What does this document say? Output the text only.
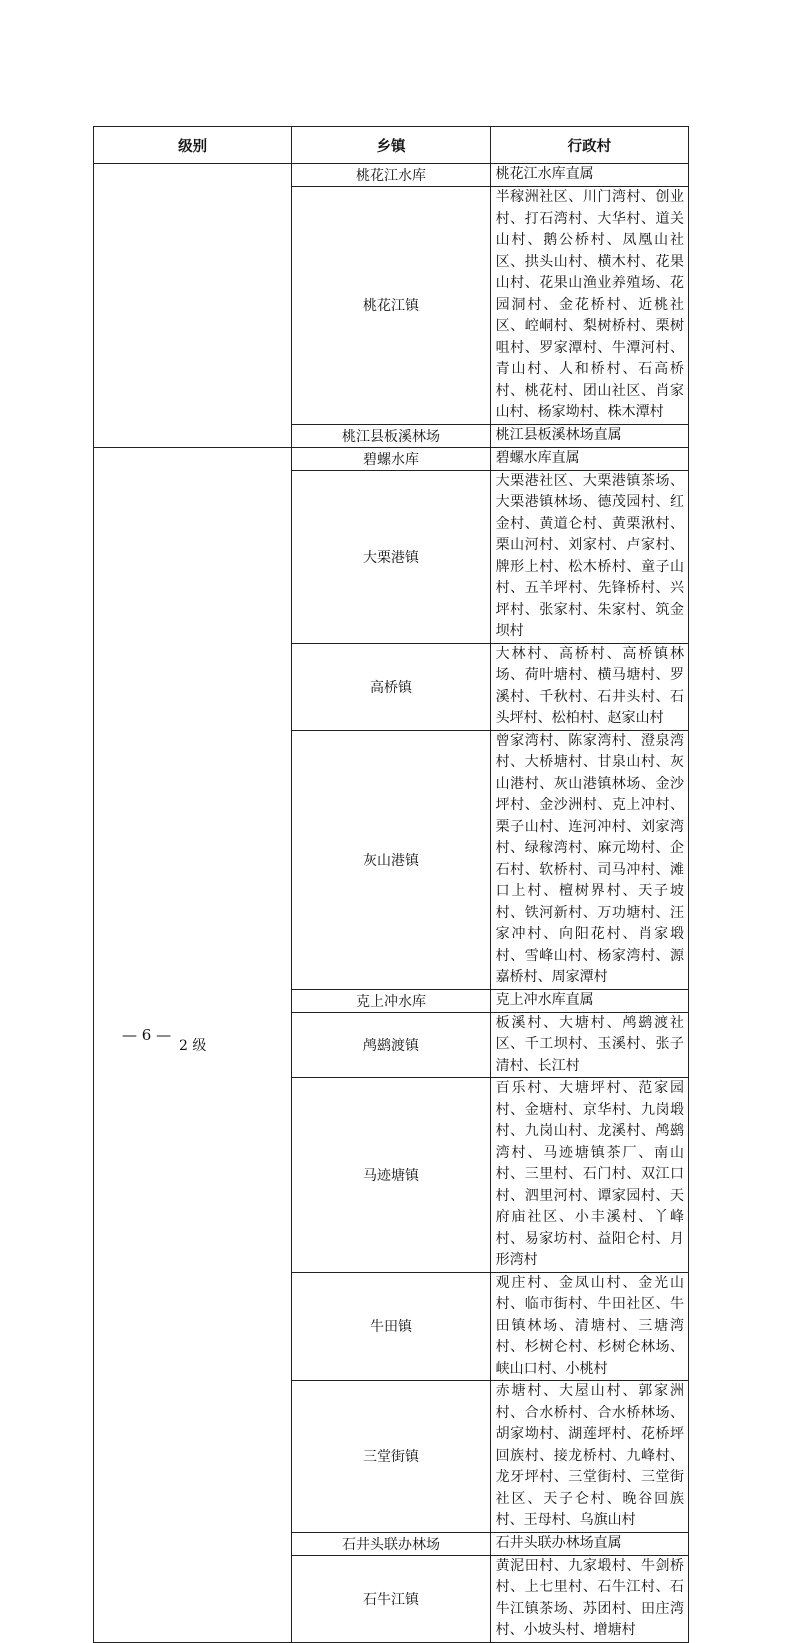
级别	乡镇	行政村
	桃花江水库	桃花江水库直属
	桃花江镇	半稼洲社区、川门湾村、创业村、打石湾村、大华村、道关山村、鹅公桥村、凤凰山社区、拱头山村、横木村、花果山村、花果山渔业养殖场、花园洞村、金花桥村、近桃社区、崆峒村、梨树桥村、栗树咀村、罗家潭村、牛潭河村、青山村、人和桥村、石高桥村、桃花村、团山社区、肖家山村、杨家坳村、株木潭村
	桃江县板溪林场	桃江县板溪林场直属
2 级	碧螺水库	碧螺水库直属
	大栗港镇	大栗港社区、大栗港镇茶场、大栗港镇林场、德茂园村、红金村、黄道仑村、黄栗湫村、栗山河村、刘家村、卢家村、牌形上村、松木桥村、童子山村、五羊坪村、先锋桥村、兴坪村、张家村、朱家村、筑金坝村
	高桥镇	大林村、高桥村、高桥镇林场、荷叶塘村、横马塘村、罗溪村、千秋村、石井头村、石头坪村、松柏村、赵家山村
	灰山港镇	曾家湾村、陈家湾村、澄泉湾村、大桥塘村、甘泉山村、灰山港村、灰山港镇林场、金沙坪村、金沙洲村、克上冲村、栗子山村、连河冲村、刘家湾村、绿稼湾村、麻元坳村、企石村、软桥村、司马冲村、滩口上村、檀树界村、天子坡村、铁河新村、万功塘村、汪家冲村、向阳花村、肖家塅村、雪峰山村、杨家湾村、源嘉桥村、周家潭村
	克上冲水库	克上冲水库直属
	鸬鹚渡镇	板溪村、大塘村、鸬鹚渡社区、千工坝村、玉溪村、张子清村、长江村
	马迹塘镇	百乐村、大塘坪村、范家园村、金塘村、京华村、九岗塅村、九岗山村、龙溪村、鸬鹚湾村、马迹塘镇茶厂、南山村、三里村、石门村、双江口村、泗里河村、谭家园村、天府庙社区、小丰溪村、丫峰村、易家坊村、益阳仑村、月形湾村
	牛田镇	观庄村、金凤山村、金光山村、临市街村、牛田社区、牛田镇林场、清塘村、三塘湾村、杉树仑村、杉树仑林场、峡山口村、小桃村
	三堂街镇	赤塘村、大屋山村、郭家洲村、合水桥村、合水桥林场、胡家坳村、湖莲坪村、花桥坪回族村、接龙桥村、九峰村、龙牙坪村、三堂街村、三堂街社区、天子仑村、晚谷回族村、王母村、乌旗山村
	石井头联办林场	石井头联办林场直属
	石牛江镇	黄泥田村、九家塅村、牛剑桥村、上七里村、石牛江村、石牛江镇茶场、苏团村、田庄湾村、小坡头村、增塘村
— 6 —
